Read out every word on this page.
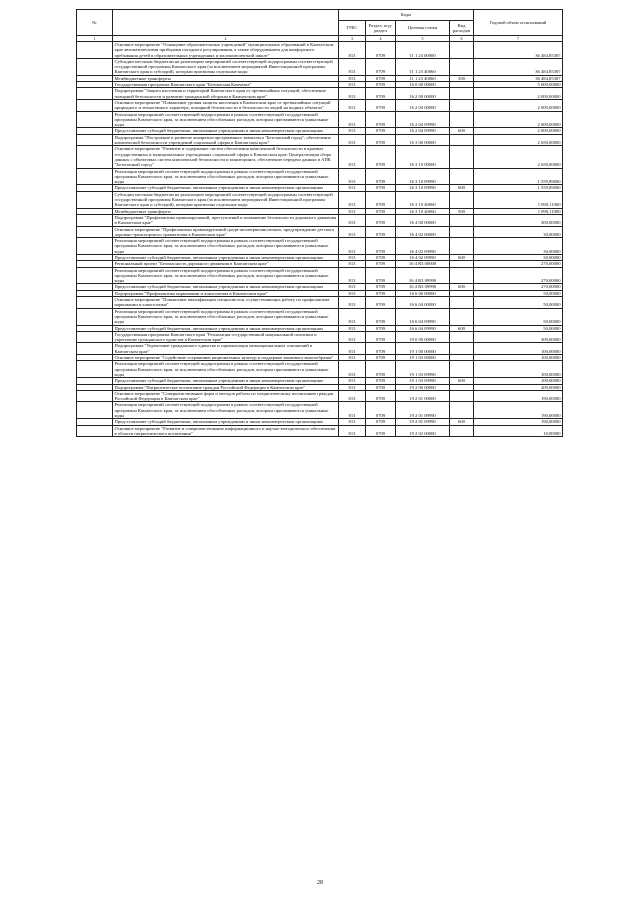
№		Коды				Годовой объем ассигнований
		ГРБС	Раздел, под-раздел	Целевая статья	Вид расходов	
1	2	3	4	5	6	7
	Основное мероприятие "Оснащение образовательных учреждений" муниципальных образований в Камчатском крае автоматическими приборами погодного регулирования, а также оборудованием для комфортного пребывания детей в образовательных учреждениях и малокомплектной школе"	813	0709	11 1 23 00000		36 484,85387
	Субсидии местным бюджетам на реализацию мероприятий соответствующей подпрограммы соответствующей государственной программы Камчатского края (за исключением мероприятий Инвестиционной программы Камчатского края и субсидий), которым присвоены отдельные коды	813	0709	11 1 23 40060		36 484,85387
	Межбюджетные трансферты	813	0709	11 1 23 40060	500	36 484,85387
	Государственная программа Камчатского края "Безопасная Камчатка"	813	0709	16 0 00 00000		5 000,00000
	Подпрограмма "Защита населения и территорий Камчатского края от чрезвычайных ситуаций, обеспечение пожарной безопасности и развитие гражданской обороны в Камчатском крае"	813	0709	16 2 00 00000		2 000,00000
	Основное мероприятие "Повышение уровня защиты населения в Камчатском крае от чрезвычайных ситуаций природного и техногенного характера, пожарной безопасности и безопасности людей на водных объектах"	813	0709	16 2 04 00000		2 000,00000
	Реализация мероприятий соответствующей подпрограммы в рамках соответствующей государственной программы Камчатского края, за исключением обособленных расходов, которым присваиваются уникальные коды	813	0709	16 2 04 09990		2 000,00000
	Предоставление субсидий бюджетным, автономным учреждениям и иным некоммерческим организациям	813	0709	16 2 04 09990	600	2 000,00000
	Подпрограмма "Построение и развитие аппаратно-программного комплекса "Безопасный город", обеспечение комплексной безопасности учреждений социальной сферы в Камчатском крае"	813	0709	16 3 00 00000		2 650,00000
	Основное мероприятие "Развитие и содержание систем обеспечения комплексной безопасности в краевых государственных и муниципальных учреждениях социальной сферы в Камчатском крае. Централизация сбора данных с объектовых систем комплексной безопасности и мониторинга, обеспечение передачи данных в АПК "Безопасный город"	813	0709	16 3 10 00000		2 650,00000
	Реализация мероприятий соответствующей подпрограммы в рамках соответствующей государственной программы Камчатского края, за исключением обособленных расходов, которым присваиваются уникальные коды	813	0709	16 3 10 09990		1 559,89000
	Предоставление субсидий бюджетным, автономным учреждениям и иным некоммерческим организациям	813	0709	16 3 10 09990	600	1 559,89000
	Субсидии местным бюджетам на реализацию мероприятий соответствующей подпрограммы соответствующей государственной программы Камчатского края (за исключением мероприятий Инвестиционной программы Камчатского края и субсидий), которым присвоены отдельные коды	813	0709	16 3 10 40060		1 090,11000
	Межбюджетные трансферты	813	0709	16 3 10 40060	500	1 090,11000
	Подпрограмма "Профилактика правонарушений, преступлений и повышение безопасности дорожного движения в Камчатском крае"	813	0709	16 4 00 00000		300,00000
	Основное мероприятие "Профилактика правонарушений среди несовершеннолетних, предупреждение детского дорожно-транспортного травматизма в Камчатском крае"	813	0709	16 4 02 00000		30,00000
	Реализация мероприятий соответствующей подпрограммы в рамках соответствующей государственной программы Камчатского края, за исключением обособленных расходов, которым присваиваются уникальные коды	813	0709	16 4 02 09990		30,00000
	Предоставление субсидий бюджетным, автономным учреждениям и иным некоммерческим организациям	813	0709	16 4 02 09990	600	30,00000
	Региональный проект "Безопасность дорожного движения в Камчатском крае"	813	0709	16 4 R3 00000		270,00000
	Реализация мероприятий соответствующей подпрограммы в рамках соответствующей государственной программы Камчатского края, за исключением обособленных расходов, которым присваиваются уникальные коды	813	0709	16 4 R3 09990		270,00000
	Предоставление субсидий бюджетным, автономным учреждениям и иным некоммерческим организациям	813	0709	16 4 R3 09990	600	270,00000
	Подпрограмма "Профилактика наркомании и алкоголизма в Камчатском крае"	813	0709	16 6 00 00000		50,00000
	Основное мероприятие "Повышение квалификации специалистов, осуществляющих работу по профилактике наркомании и алкоголизма"	813	0709	16 6 04 00000		50,00000
	Реализация мероприятий соответствующей подпрограммы в рамках соответствующей государственной программы Камчатского края, за исключением обособленных расходов, которым присваиваются уникальные коды	813	0709	16 6 04 09990		50,00000
	Предоставление субсидий бюджетным, автономным учреждениям и иным некоммерческим организациям	813	0709	16 6 04 09990	600	50,00000
	Государственная программа Камчатского края "Реализация государственной национальной политики и укрепление гражданского единства в Камчатском крае"	813	0709	19 0 00 00000		300,00000
	Подпрограмма "Укрепление гражданского единства и гармонизация межнациональных отношений в Камчатском крае"	813	0709	19 1 00 00000		100,00000
	Основное мероприятие "Содействие сохранению национальных культур и поддержке языкового многообразия"	813	0709	19 1 03 00000		100,00000
	Реализация мероприятий соответствующей подпрограммы в рамках соответствующей государственной программы Камчатского края, за исключением обособленных расходов, которым присваиваются уникальные коды	813	0709	19 1 03 09990		100,00000
	Предоставление субсидий бюджетным, автономным учреждениям и иным некоммерческим организациям	813	0709	19 1 03 09990	600	100,00000
	Подпрограмма "Патриотическое воспитание граждан Российской Федерации в Камчатском крае"	813	0709	19 2 00 00000		200,00000
	Основное мероприятие "Совершенствование форм и методов работы по патриотическому воспитанию граждан Российской Федерации в Камчатском крае"	813	0709	19 2 01 00000		190,00000
	Реализация мероприятий соответствующей подпрограммы в рамках соответствующей государственной программы Камчатского края, за исключением обособленных расходов, которым присваиваются уникальные коды	813	0709	19 2 01 09990		190,00000
	Предоставление субсидий бюджетным, автономным учреждениям и иным некоммерческим организациям	813	0709	19 2 01 09990	600	190,00000
	Основное мероприятие "Развитие и совершенствование информационного и научно-методического обеспечения в области патриотического воспитания"	813	0709	19 2 02 00000		10,00000
28
